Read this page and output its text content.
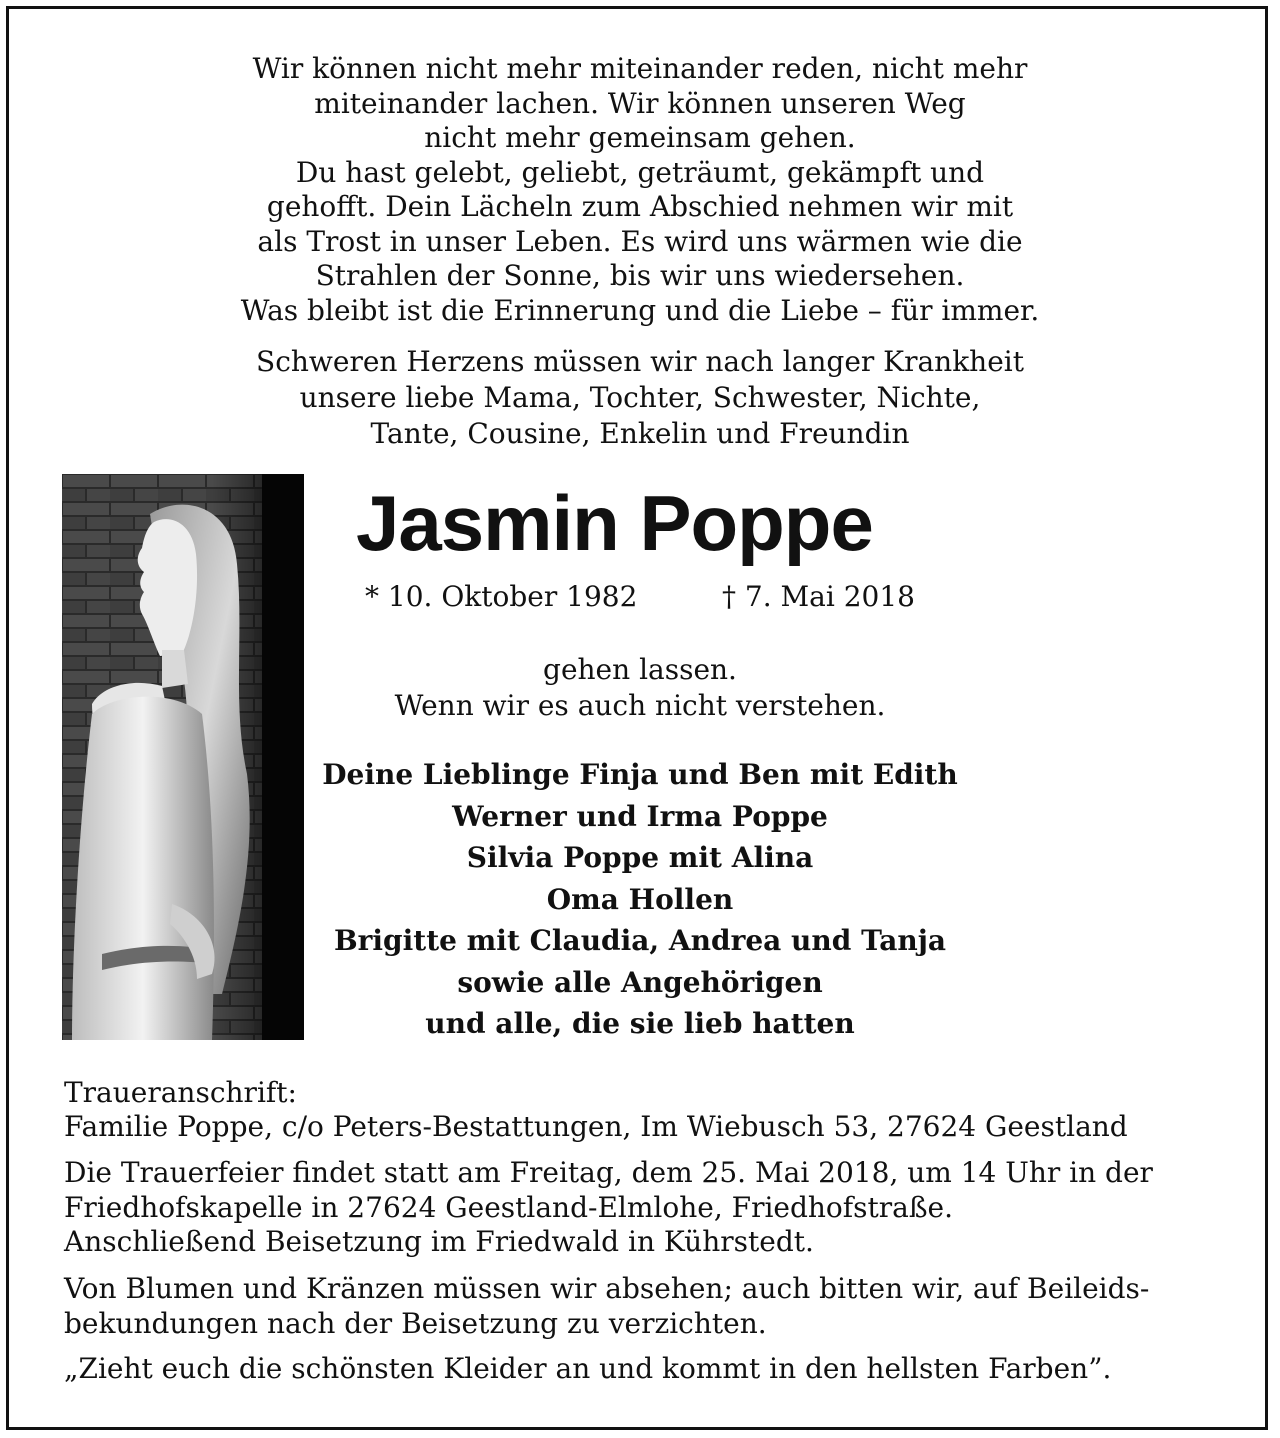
Wir können nicht mehr miteinander reden, nicht mehr
miteinander lachen. Wir können unseren Weg
nicht mehr gemeinsam gehen.
Du hast gelebt, geliebt, geträumt, gekämpft und
gehofft. Dein Lächeln zum Abschied nehmen wir mit
als Trost in unser Leben. Es wird uns wärmen wie die
Strahlen der Sonne, bis wir uns wiedersehen.
Was bleibt ist die Erinnerung und die Liebe – für immer.
Schweren Herzens müssen wir nach langer Krankheit
unsere liebe Mama, Tochter, Schwester, Nichte,
Tante, Cousine, Enkelin und Freundin
Jasmin Poppe
* 10. Oktober 1982	† 7. Mai 2018
gehen lassen.
Wenn wir es auch nicht verstehen.
Deine Lieblinge Finja und Ben mit Edith
Werner und Irma Poppe
Silvia Poppe mit Alina
Oma Hollen
Brigitte mit Claudia, Andrea und Tanja
sowie alle Angehörigen
und alle, die sie lieb hatten
Traueranschrift:
Familie Poppe, c/o Peters-Bestattungen, Im Wiebusch 53, 27624 Geestland
Die Trauerfeier findet statt am Freitag, dem 25. Mai 2018, um 14 Uhr in der
Friedhofskapelle in 27624 Geestland-Elmlohe, Friedhofstraße.
Anschließend Beisetzung im Friedwald in Kührstedt.
Von Blumen und Kränzen müssen wir absehen; auch bitten wir, auf Beileids-
bekundungen nach der Beisetzung zu verzichten.
„Zieht euch die schönsten Kleider an und kommt in den hellsten Farben”.
